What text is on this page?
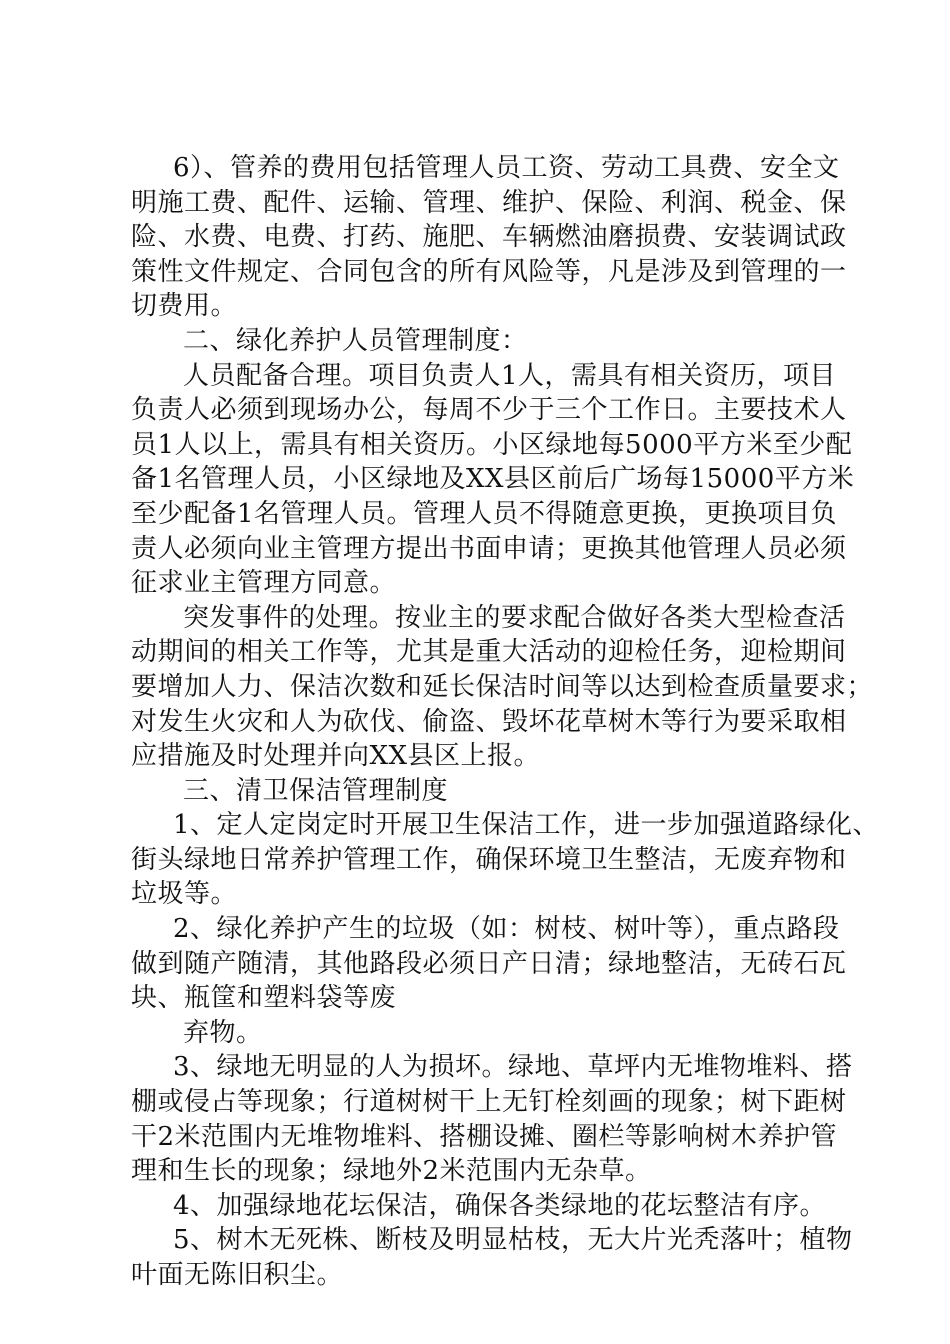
6）、管养的费用包括管理人员工资、劳动工具费、安全文
明施工费、配件、运输、管理、维护、保险、利润、税金、保
险、水费、电费、打药、施肥、车辆燃油磨损费、安装调试政
策性文件规定、合同包含的所有风险等，凡是涉及到管理的一
切费用。
二、绿化养护人员管理制度：
人员配备合理。项目负责人1人，需具有相关资历，项目
负责人必须到现场办公，每周不少于三个工作日。主要技术人
员1人以上，需具有相关资历。小区绿地每5000平方米至少配
备1名管理人员，小区绿地及XX县区前后广场每15000平方米
至少配备1名管理人员。管理人员不得随意更换，更换项目负
责人必须向业主管理方提出书面申请；更换其他管理人员必须
征求业主管理方同意。
突发事件的处理。按业主的要求配合做好各类大型检查活
动期间的相关工作等，尤其是重大活动的迎检任务，迎检期间
要增加人力、保洁次数和延长保洁时间等以达到检查质量要求；
对发生火灾和人为砍伐、偷盗、毁坏花草树木等行为要采取相
应措施及时处理并向XX县区上报。
三、清卫保洁管理制度
1、定人定岗定时开展卫生保洁工作，进一步加强道路绿化、
街头绿地日常养护管理工作，确保环境卫生整洁，无废弃物和
垃圾等。
2、绿化养护产生的垃圾（如：树枝、树叶等），重点路段
做到随产随清，其他路段必须日产日清；绿地整洁，无砖石瓦
块、瓶筐和塑料袋等废
弃物。
3、绿地无明显的人为损坏。绿地、草坪内无堆物堆料、搭
棚或侵占等现象；行道树树干上无钉栓刻画的现象；树下距树
干2米范围内无堆物堆料、搭棚设摊、圈栏等影响树木养护管
理和生长的现象；绿地外2米范围内无杂草。
4、加强绿地花坛保洁，确保各类绿地的花坛整洁有序。
5、树木无死株、断枝及明显枯枝，无大片光秃落叶；植物
叶面无陈旧积尘。
